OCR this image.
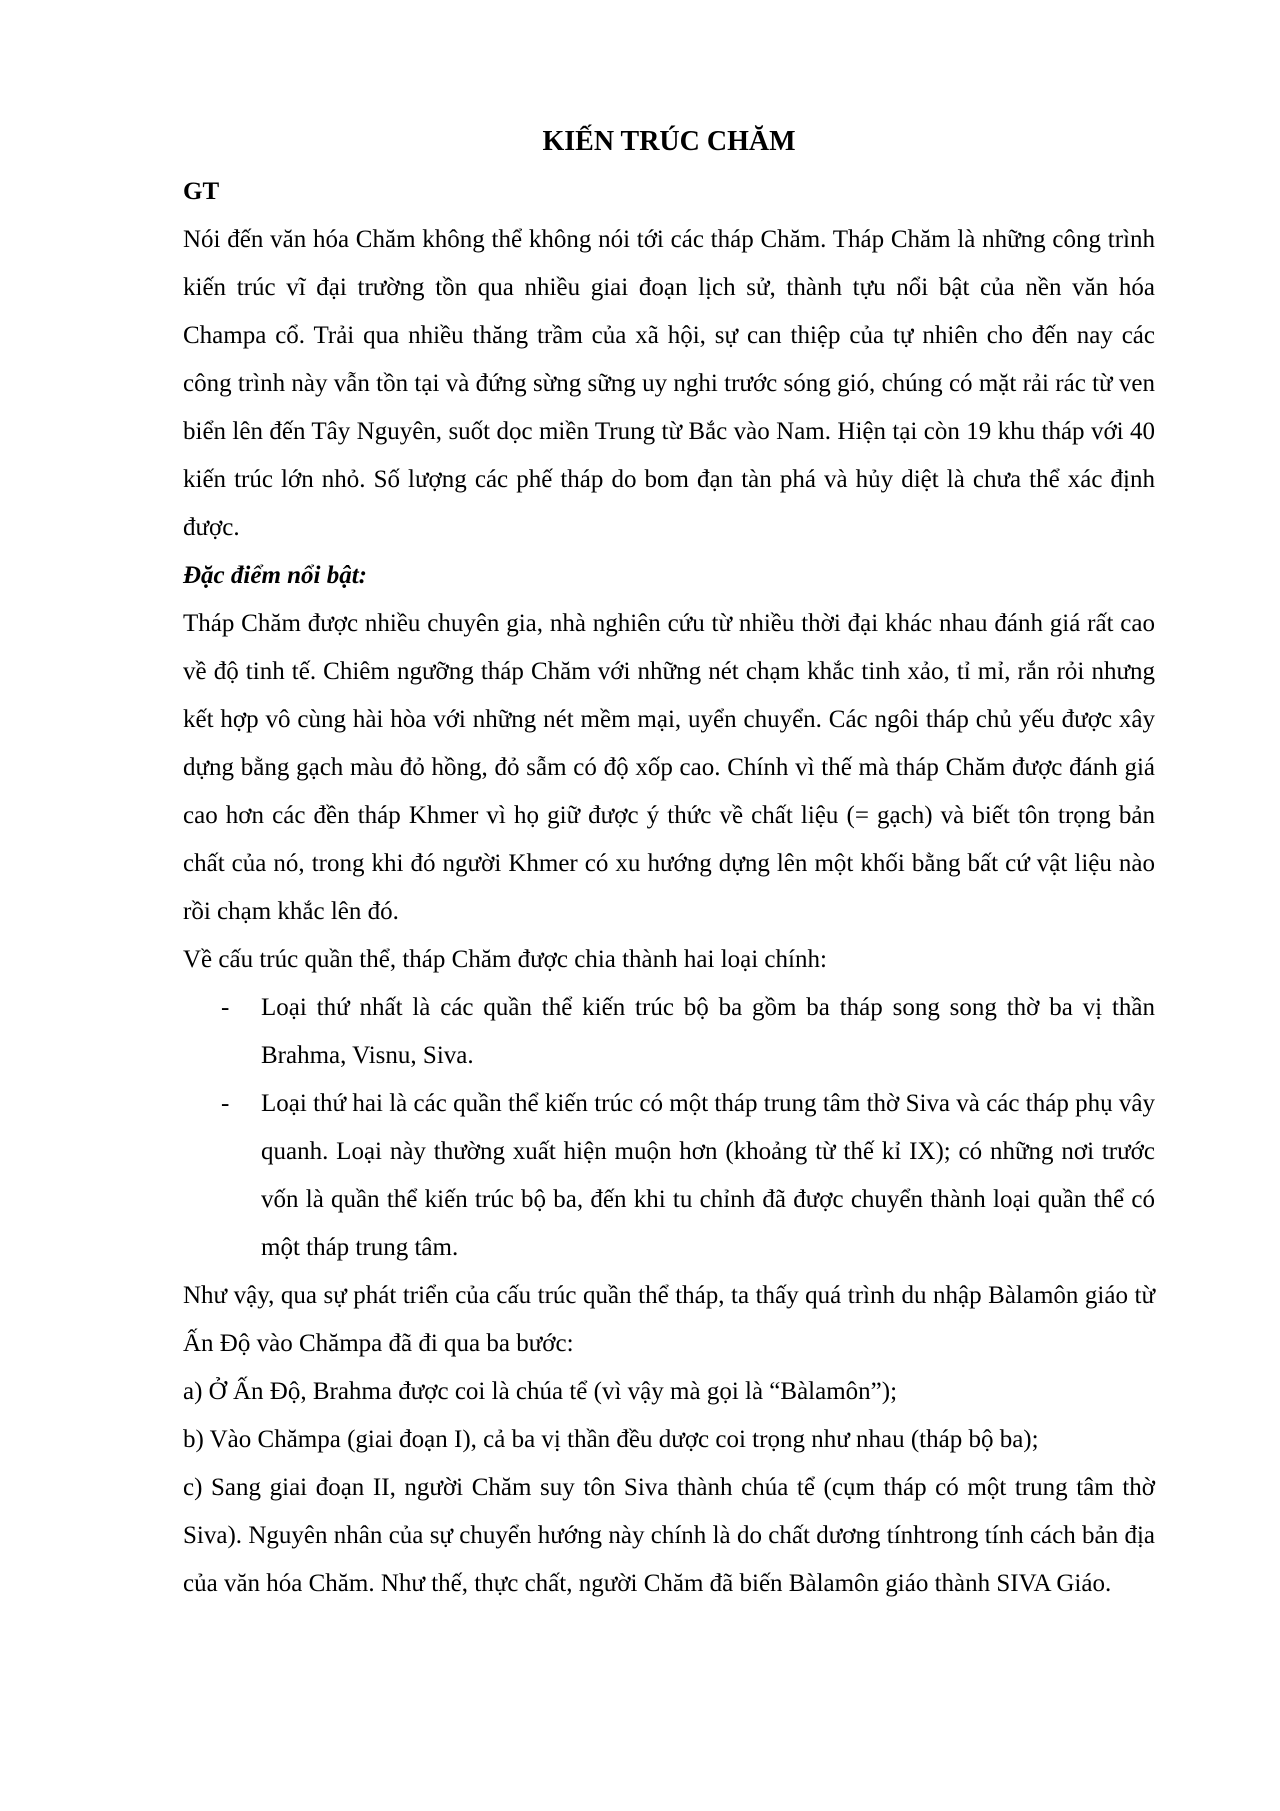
KIẾN TRÚC CHĂM
GT

Nói đến văn hóa Chăm không thể không nói tới các tháp Chăm. Tháp Chăm là những công trình kiến trúc vĩ đại trường tồn qua nhiều giai đoạn lịch sử, thành tựu nổi bật của nền văn hóa Champa cổ. Trải qua nhiều thăng trầm của xã hội, sự can thiệp của tự nhiên cho đến nay các công trình này vẫn tồn tại và đứng sừng sững uy nghi trước sóng gió, chúng có mặt rải rác từ ven biển lên đến Tây Nguyên, suốt dọc miền Trung từ Bắc vào Nam. Hiện tại còn 19 khu tháp với 40 kiến trúc lớn nhỏ. Số lượng các phế tháp do bom đạn tàn phá và hủy diệt là chưa thể xác định được.

Đặc điểm nổi bật:

Tháp Chăm được nhiều chuyên gia, nhà nghiên cứu từ nhiều thời đại khác nhau đánh giá rất cao về độ tinh tế. Chiêm ngưỡng tháp Chăm với những nét chạm khắc tinh xảo, tỉ mỉ, rắn rỏi nhưng kết hợp vô cùng hài hòa với những nét mềm mại, uyển chuyển. Các ngôi tháp chủ yếu được xây dựng bằng gạch màu đỏ hồng, đỏ sẫm có độ xốp cao. Chính vì thế mà tháp Chăm được đánh giá cao hơn các đền tháp Khmer vì họ giữ được ý thức về chất liệu (= gạch) và biết tôn trọng bản chất của nó, trong khi đó người Khmer có xu hướng dựng lên một khối bằng bất cứ vật liệu nào rồi chạm khắc lên đó.

Về cấu trúc quần thể, tháp Chăm được chia thành hai loại chính:

- Loại thứ nhất là các quần thể kiến trúc bộ ba gồm ba tháp song song thờ ba vị thần Brahma, Visnu, Siva.
- Loại thứ hai là các quần thể kiến trúc có một tháp trung tâm thờ Siva và các tháp phụ vây quanh. Loại này thường xuất hiện muộn hơn (khoảng từ thế kỉ IX); có những nơi trước vốn là quần thể kiến trúc bộ ba, đến khi tu chỉnh đã được chuyển thành loại quần thể có một tháp trung tâm.

Như vậy, qua sự phát triển của cấu trúc quần thể tháp, ta thấy quá trình du nhập Bàlamôn giáo từ Ấn Độ vào Chămpa đã đi qua ba bước:

a) Ở Ấn Độ, Brahma được coi là chúa tể (vì vậy mà gọi là “Bàlamôn”);

b) Vào Chămpa (giai đoạn I), cả ba vị thần đều dược coi trọng như nhau (tháp bộ ba);

c) Sang giai đoạn II, người Chăm suy tôn Siva thành chúa tể (cụm tháp có một trung tâm thờ Siva). Nguyên nhân của sự chuyển hướng này chính là do chất dương tínhtrong tính cách bản địa của văn hóa Chăm. Như thế, thực chất, người Chăm đã biến Bàlamôn giáo thành SIVA Giáo.
